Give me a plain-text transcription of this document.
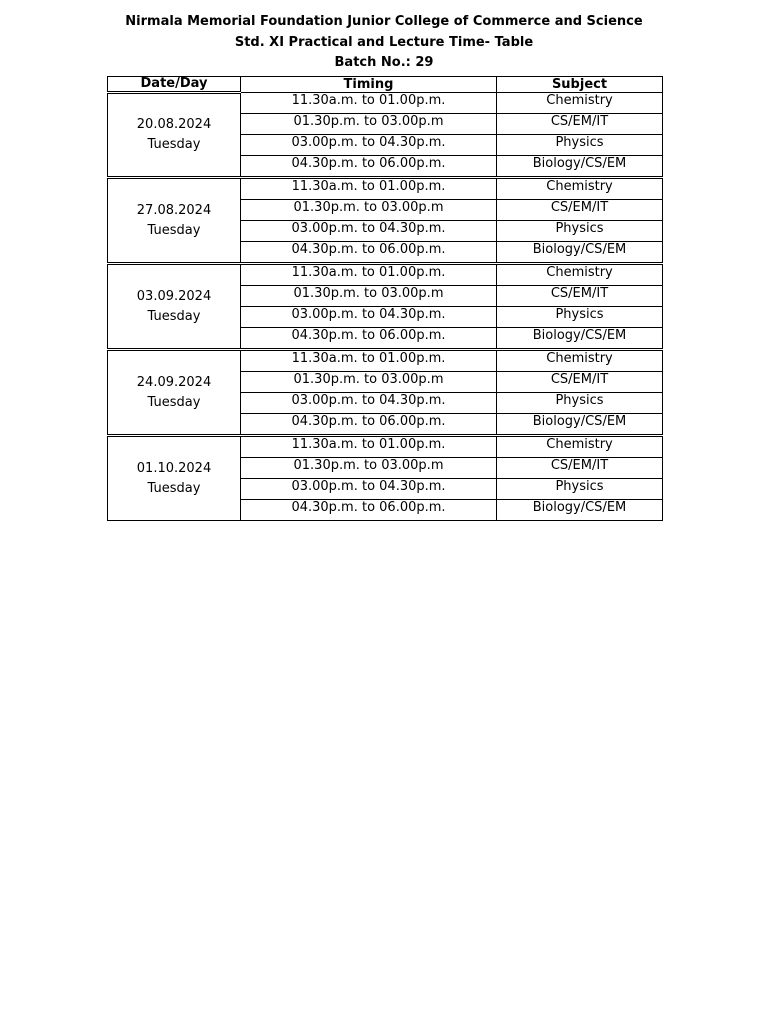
Nirmala Memorial Foundation Junior College of Commerce and Science
Std. XI Practical and Lecture Time- Table
Batch No.: 29
Date/Day	Timing	Subject

20.08.2024
Tuesday	11.30a.m. to 01.00p.m.	Chemistry
	01.30p.m. to 03.00p.m	CS/EM/IT
	03.00p.m. to 04.30p.m.	Physics
	04.30p.m. to 06.00p.m.	Biology/CS/EM

27.08.2024
Tuesday	11.30a.m. to 01.00p.m.	Chemistry
	01.30p.m. to 03.00p.m	CS/EM/IT
	03.00p.m. to 04.30p.m.	Physics
	04.30p.m. to 06.00p.m.	Biology/CS/EM

03.09.2024
Tuesday	11.30a.m. to 01.00p.m.	Chemistry
	01.30p.m. to 03.00p.m	CS/EM/IT
	03.00p.m. to 04.30p.m.	Physics
	04.30p.m. to 06.00p.m.	Biology/CS/EM

24.09.2024
Tuesday	11.30a.m. to 01.00p.m.	Chemistry
	01.30p.m. to 03.00p.m	CS/EM/IT
	03.00p.m. to 04.30p.m.	Physics
	04.30p.m. to 06.00p.m.	Biology/CS/EM

01.10.2024
Tuesday	11.30a.m. to 01.00p.m.	Chemistry
	01.30p.m. to 03.00p.m	CS/EM/IT
	03.00p.m. to 04.30p.m.	Physics
	04.30p.m. to 06.00p.m.	Biology/CS/EM
